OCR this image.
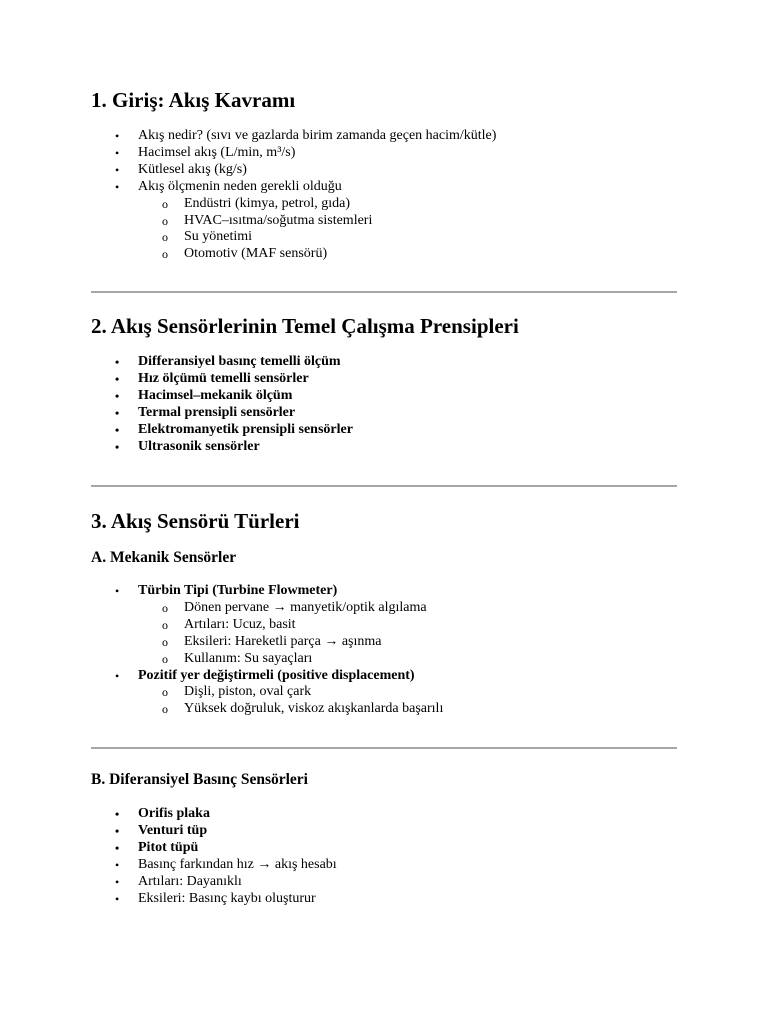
1. Giriş: Akış Kavramı
• Akış nedir? (sıvı ve gazlarda birim zamanda geçen hacim/kütle)
• Hacimsel akış (L/min, m³/s)
• Kütlesel akış (kg/s)
• Akış ölçmenin neden gerekli olduğu
o Endüstri (kimya, petrol, gıda)
o HVAC–ısıtma/soğutma sistemleri
o Su yönetimi
o Otomotiv (MAF sensörü)
2. Akış Sensörlerinin Temel Çalışma Prensipleri
• Differansiyel basınç temelli ölçüm
• Hız ölçümü temelli sensörler
• Hacimsel–mekanik ölçüm
• Termal prensipli sensörler
• Elektromanyetik prensipli sensörler
• Ultrasonik sensörler
3. Akış Sensörü Türleri
A. Mekanik Sensörler
• Türbin Tipi (Turbine Flowmeter)
o Dönen pervane → manyetik/optik algılama
o Artıları: Ucuz, basit
o Eksileri: Hareketli parça → aşınma
o Kullanım: Su sayaçları
• Pozitif yer değiştirmeli (positive displacement)
o Dişli, piston, oval çark
o Yüksek doğruluk, viskoz akışkanlarda başarılı
B. Diferansiyel Basınç Sensörleri
• Orifis plaka
• Venturi tüp
• Pitot tüpü
• Basınç farkından hız → akış hesabı
• Artıları: Dayanıklı
• Eksileri: Basınç kaybı oluşturur
